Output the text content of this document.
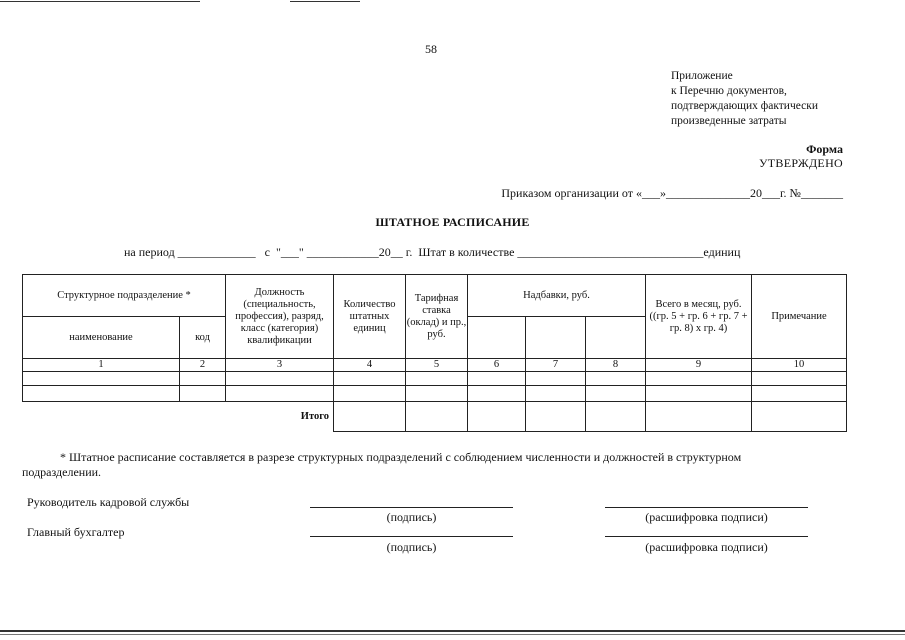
58
Приложение
к Перечню документов,
подтверждающих фактически
произведенные затраты
Форма
УТВЕРЖДЕНО
Приказом организации от «___»______________20___г. №_______
ШТАТНОЕ РАСПИСАНИЕ
на период _____________   с  "___" ____________20__ г.  Штат в количестве _______________________________единиц
Структурное подразделение *		Должность (специальность, профессия), разряд, класс (категория) квалификации	Количество штатных единиц	Тарифная ставка (оклад) и пр., руб.	Надбавки, руб.			Всего в месяц, руб. ((гр. 5 + гр. 6 + гр. 7 + гр. 8) х гр. 4)	Примечание
наименование	код								
1	2	3	4	5	6	7	8	9	10

		Итого							
* Штатное расписание составляется в разрезе структурных подразделений с соблюдением численности и должностей в структурном подразделении.
Руководитель кадровой службы
(подпись)	(расшифровка подписи)
Главный бухгалтер
(подпись)	(расшифровка подписи)
